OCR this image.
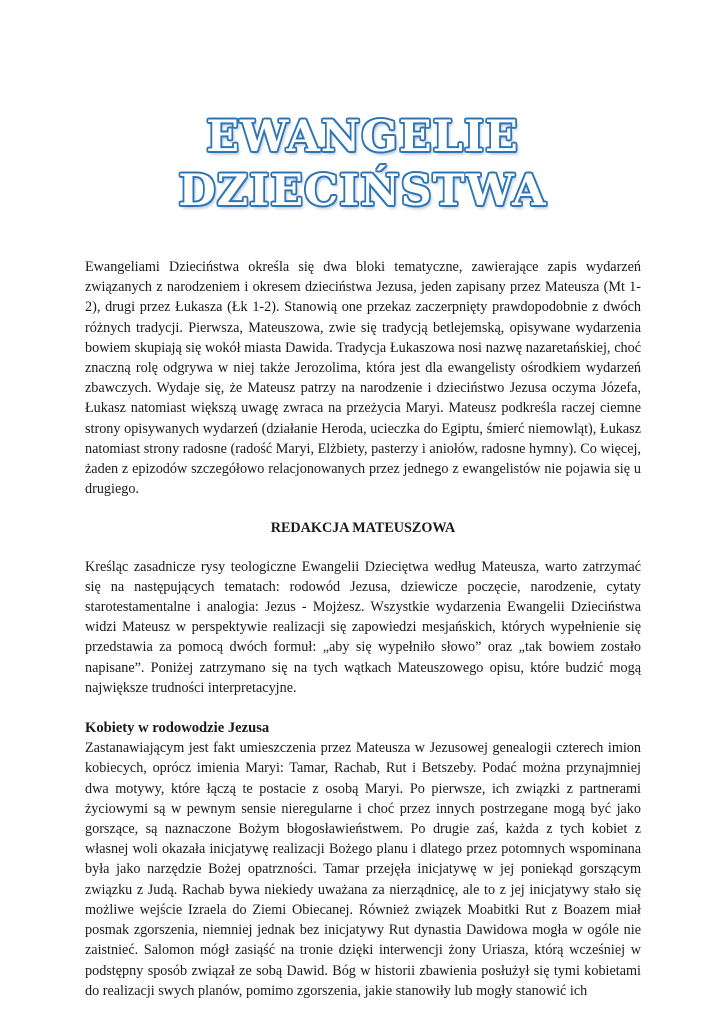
EWANGELIE
DZIECIŃSTWA

Ewangeliami Dzieciństwa określa się dwa bloki tematyczne, zawierające zapis wydarzeń związanych z narodzeniem i okresem dzieciństwa Jezusa, jeden zapisany przez Mateusza (Mt 1-2), drugi przez Łukasza (Łk 1-2). Stanowią one przekaz zaczerpnięty prawdopodobnie z dwóch różnych tradycji. Pierwsza, Mateuszowa, zwie się tradycją betlejemską, opisywane wydarzenia bowiem skupiają się wokół miasta Dawida. Tradycja Łukaszowa nosi nazwę nazaretańskiej, choć znaczną rolę odgrywa w niej także Jerozolima, która jest dla ewangelisty ośrodkiem wydarzeń zbawczych. Wydaje się, że Mateusz patrzy na narodzenie i dzieciństwo Jezusa oczyma Józefa, Łukasz natomiast większą uwagę zwraca na przeżycia Maryi. Mateusz podkreśla raczej ciemne strony opisywanych wydarzeń (działanie Heroda, ucieczka do Egiptu, śmierć niemowląt), Łukasz natomiast strony radosne (radość Maryi, Elżbiety, pasterzy i aniołów, radosne hymny). Co więcej, żaden z epizodów szczegółowo relacjonowanych przez jednego z ewangelistów nie pojawia się u drugiego.

REDAKCJA MATEUSZOWA

Kreśląc zasadnicze rysy teologiczne Ewangelii Dzieciętwa według Mateusza, warto zatrzymać się na następujących tematach: rodowód Jezusa, dziewicze poczęcie, narodzenie, cytaty starotestamentalne i analogia: Jezus - Mojżesz. Wszystkie wydarzenia Ewangelii Dzieciństwa widzi Mateusz w perspektywie realizacji się zapowiedzi mesjańskich, których wypełnienie się przedstawia za pomocą dwóch formuł: „aby się wypełniło słowo” oraz „tak bowiem zostało napisane”. Poniżej zatrzymano się na tych wątkach Mateuszowego opisu, które budzić mogą największe trudności interpretacyjne.

Kobiety w rodowodzie Jezusa

Zastanawiającym jest fakt umieszczenia przez Mateusza w Jezusowej genealogii czterech imion kobiecych, oprócz imienia Maryi: Tamar, Rachab, Rut i Betszeby. Podać można przynajmniej dwa motywy, które łączą te postacie z osobą Maryi. Po pierwsze, ich związki z partnerami życiowymi są w pewnym sensie nieregularne i choć przez innych postrzegane mogą być jako gorszące, są naznaczone Bożym błogosławieństwem. Po drugie zaś, każda z tych kobiet z własnej woli okazała inicjatywę realizacji Bożego planu i dlatego przez potomnych wspominana była jako narzędzie Bożej opatrzności. Tamar przejęła inicjatywę w jej poniekąd gorszącym związku z Judą. Rachab bywa niekiedy uważana za nierządnicę, ale to z jej inicjatywy stało się możliwe wejście Izraela do Ziemi Obiecanej. Również związek Moabitki Rut z Boazem miał posmak zgorszenia, niemniej jednak bez inicjatywy Rut dynastia Dawidowa mogła w ogóle nie zaistnieć. Salomon mógł zasiąść na tronie dzięki interwencji żony Uriasza, którą wcześniej w podstępny sposób związał ze sobą Dawid. Bóg w historii zbawienia posłużył się tymi kobietami do realizacji swych planów, pomimo zgorszenia, jakie stanowiły lub mogły stanowić ich
